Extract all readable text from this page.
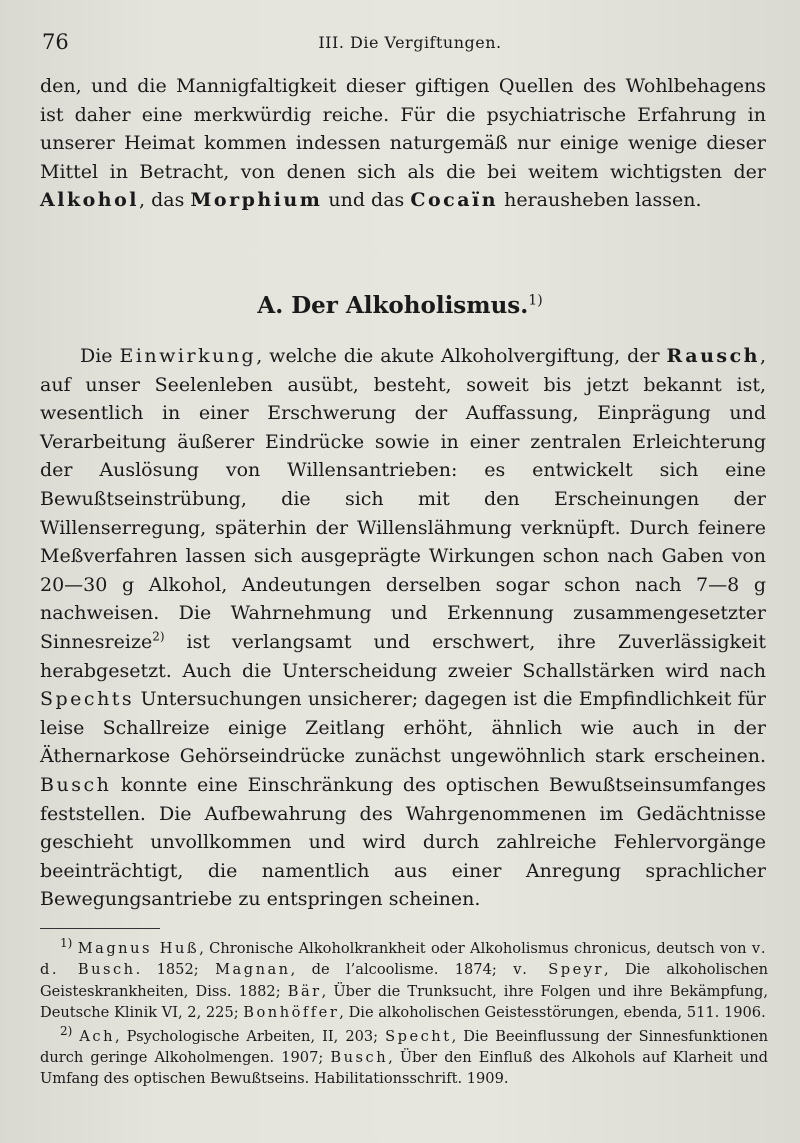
76	III. Die Vergiftungen.

den, und die Mannigfaltigkeit dieser giftigen Quellen des Wohlbehagens ist daher eine merkwürdig reiche. Für die psychiatrische Erfahrung in unserer Heimat kommen indessen naturgemäß nur einige wenige dieser Mittel in Betracht, von denen sich als die bei weitem wichtigsten der Alkohol, das Morphium und das Cocaïn herausheben lassen.

A. Der Alkoholismus.$^{1)}$

Die Einwirkung, welche die akute Alkoholvergiftung, der Rausch, auf unser Seelenleben ausübt, besteht, soweit bis jetzt bekannt ist, wesentlich in einer Erschwerung der Auffassung, Einprägung und Verarbeitung äußerer Eindrücke sowie in einer zentralen Erleichterung der Auslösung von Willensantrieben: es entwickelt sich eine Bewußtseinstrübung, die sich mit den Erscheinungen der Willenserregung, späterhin der Willenslähmung verknüpft. Durch feinere Meßverfahren lassen sich ausgeprägte Wirkungen schon nach Gaben von 20—30 g Alkohol, Andeutungen derselben sogar schon nach 7—8 g nachweisen. Die Wahrnehmung und Erkennung zusammengesetzter Sinnesreize$^{2)}$ ist verlangsamt und erschwert, ihre Zuverlässigkeit herabgesetzt. Auch die Unterscheidung zweier Schallstärken wird nach Spechts Untersuchungen unsicherer; dagegen ist die Empfindlichkeit für leise Schallreize einige Zeitlang erhöht, ähnlich wie auch in der Äthernarkose Gehörseindrücke zunächst ungewöhnlich stark erscheinen. Busch konnte eine Einschränkung des optischen Bewußtseinsumfanges feststellen. Die Aufbewahrung des Wahrgenommenen im Gedächtnisse geschieht unvollkommen und wird durch zahlreiche Fehlervorgänge beeinträchtigt, die namentlich aus einer Anregung sprachlicher Bewegungsantriebe zu entspringen scheinen.

$^{1)}$ Magnus Huß, Chronische Alkoholkrankheit oder Alkoholismus chronicus, deutsch von v. d. Busch. 1852; Magnan, de l’alcoolisme. 1874; v. Speyr, Die alkoholischen Geisteskrankheiten, Diss. 1882; Bär, Über die Trunksucht, ihre Folgen und ihre Bekämpfung, Deutsche Klinik VI, 2, 225; Bonhöffer, Die alkoholischen Geistesstörungen, ebenda, 511. 1906.

$^{2)}$ Ach, Psychologische Arbeiten, II, 203; Specht, Die Beeinflussung der Sinnesfunktionen durch geringe Alkoholmengen. 1907; Busch, Über den Einfluß des Alkohols auf Klarheit und Umfang des optischen Bewußtseins. Habilitationsschrift. 1909.
